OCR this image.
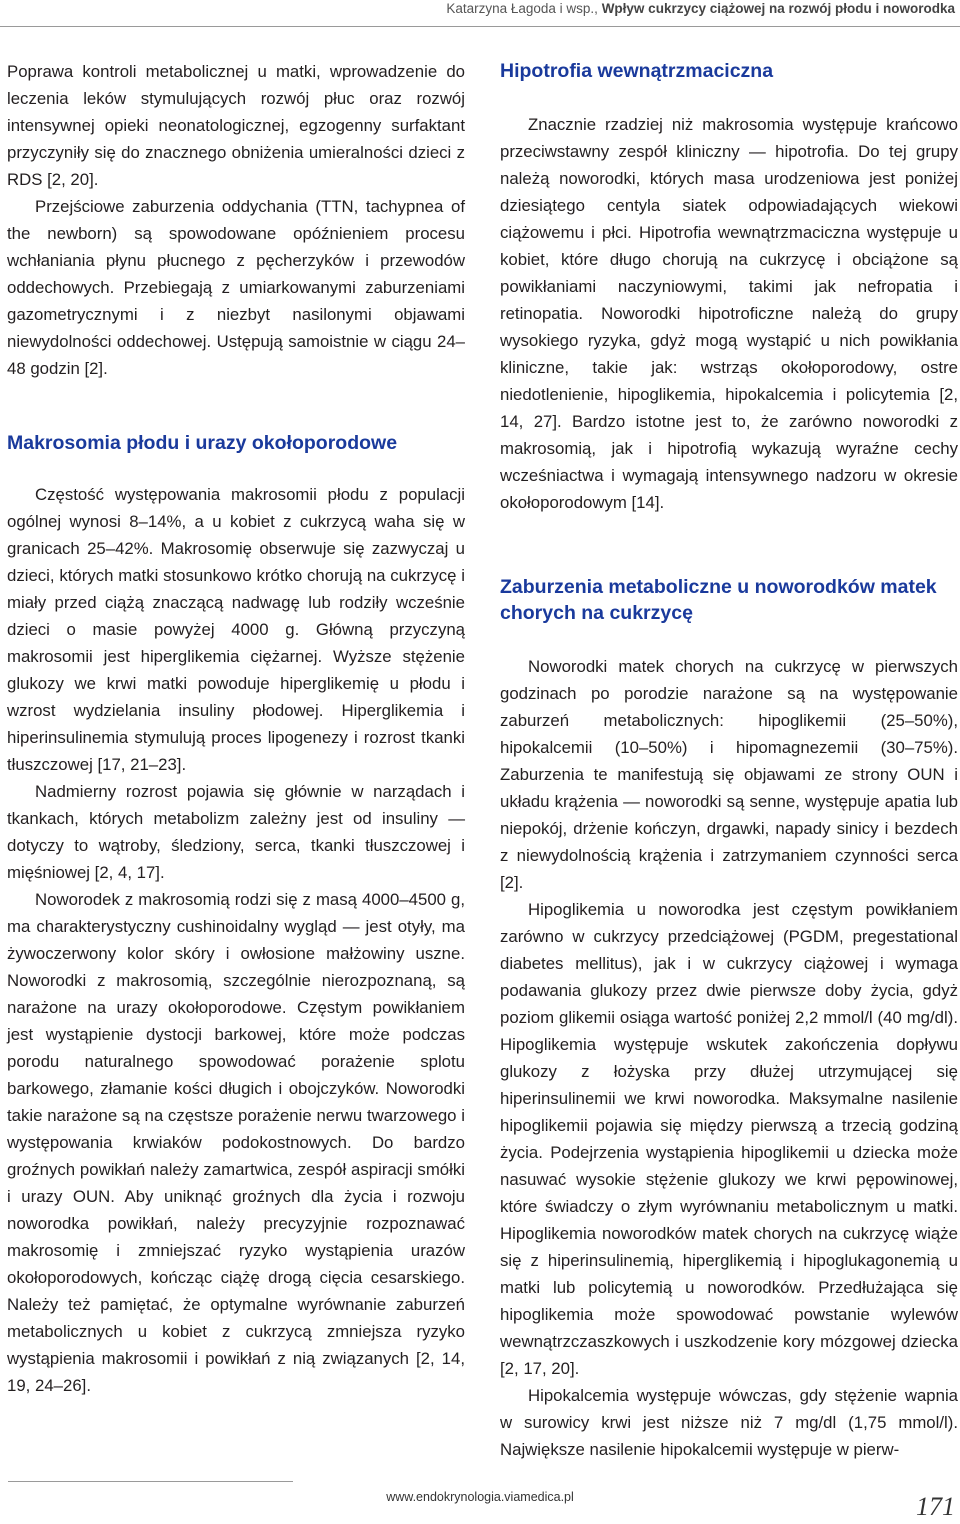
Katarzyna Łagoda i wsp., Wpływ cukrzycy ciążowej na rozwój płodu i noworodka

Poprawa kontroli metabolicznej u matki, wprowadzenie do leczenia leków stymulujących rozwój płuc oraz rozwój intensywnej opieki neonatologicznej, egzogenny surfaktant przyczyniły się do znacznego obniżenia umieralności dzieci z RDS [2, 20].

Przejściowe zaburzenia oddychania (TTN, tachypnea of the newborn) są spowodowane opóźnieniem procesu wchłaniania płynu płucnego z pęcherzyków i przewodów oddechowych. Przebiegają z umiarkowanymi zaburzeniami gazometrycznymi i z niezbyt nasilonymi objawami niewydolności oddechowej. Ustępują samoistnie w ciągu 24–48 godzin [2].

Makrosomia płodu i urazy okołoporodowe

Częstość występowania makrosomii płodu z populacji ogólnej wynosi 8–14%, a u kobiet z cukrzycą waha się w granicach 25–42%. Makrosomię obserwuje się zazwyczaj u dzieci, których matki stosunkowo krótko chorują na cukrzycę i miały przed ciążą znaczącą nadwagę lub rodziły wcześnie dzieci o masie powyżej 4000 g. Główną przyczyną makrosomii jest hiperglikemia ciężarnej. Wyższe stężenie glukozy we krwi matki powoduje hiperglikemię u płodu i wzrost wydzielania insuliny płodowej. Hiperglikemia i hiperinsulinemia stymulują proces lipogenezy i rozrost tkanki tłuszczowej [17, 21–23].

Nadmierny rozrost pojawia się głównie w narządach i tkankach, których metabolizm zależny jest od insuliny — dotyczy to wątroby, śledziony, serca, tkanki tłuszczowej i mięśniowej [2, 4, 17].

Noworodek z makrosomią rodzi się z masą 4000–4500 g, ma charakterystyczny cushinoidalny wygląd — jest otyły, ma żywoczerwony kolor skóry i owłosione małżowiny uszne. Noworodki z makrosomią, szczególnie nierozpoznaną, są narażone na urazy okołoporodowe. Częstym powikłaniem jest wystąpienie dystocji barkowej, które może podczas porodu naturalnego spowodować porażenie splotu barkowego, złamanie kości długich i obojczyków. Noworodki takie narażone są na częstsze porażenie nerwu twarzowego i występowania krwiaków podokostnowych. Do bardzo groźnych powikłań należy zamartwica, zespół aspiracji smółki i urazy OUN. Aby uniknąć groźnych dla życia i rozwoju noworodka powikłań, należy precyzyjnie rozpoznawać makrosomię i zmniejszać ryzyko wystąpienia urazów okołoporodowych, kończąc ciążę drogą cięcia cesarskiego. Należy też pamiętać, że optymalne wyrównanie zaburzeń metabolicznych u kobiet z cukrzycą zmniejsza ryzyko wystąpienia makrosomii i powikłań z nią związanych [2, 14, 19, 24–26].

Hipotrofia wewnątrzmaciczna

Znacznie rzadziej niż makrosomia występuje krańcowo przeciwstawny zespół kliniczny — hipotrofia. Do tej grupy należą noworodki, których masa urodzeniowa jest poniżej dziesiątego centyla siatek odpowiadających wiekowi ciążowemu i płci. Hipotrofia wewnątrzmaciczna występuje u kobiet, które długo chorują na cukrzycę i obciążone są powikłaniami naczyniowymi, takimi jak nefropatia i retinopatia. Noworodki hipotroficzne należą do grupy wysokiego ryzyka, gdyż mogą wystąpić u nich powikłania kliniczne, takie jak: wstrząs okołoporodowy, ostre niedotlenienie, hipoglikemia, hipokalcemia i policytemia [2, 14, 27]. Bardzo istotne jest to, że zarówno noworodki z makrosomią, jak i hipotrofią wykazują wyraźne cechy wcześniactwa i wymagają intensywnego nadzoru w okresie okołoporodowym [14].

Zaburzenia metaboliczne u noworodków matek chorych na cukrzycę

Noworodki matek chorych na cukrzycę w pierwszych godzinach po porodzie narażone są na występowanie zaburzeń metabolicznych: hipoglikemii (25–50%), hipokalcemii (10–50%) i hipomagnezemii (30–75%). Zaburzenia te manifestują się objawami ze strony OUN i układu krążenia — noworodki są senne, występuje apatia lub niepokój, drżenie kończyn, drgawki, napady sinicy i bezdech z niewydolnością krążenia i zatrzymaniem czynności serca [2].

Hipoglikemia u noworodka jest częstym powikłaniem zarówno w cukrzycy przedciążowej (PGDM, pregestational diabetes mellitus), jak i w cukrzycy ciążowej i wymaga podawania glukozy przez dwie pierwsze doby życia, gdyż poziom glikemii osiąga wartość poniżej 2,2 mmol/l (40 mg/dl). Hipoglikemia występuje wskutek zakończenia dopływu glukozy z łożyska przy dłużej utrzymującej się hiperinsulinemii we krwi noworodka. Maksymalne nasilenie hipoglikemii pojawia się między pierwszą a trzecią godziną życia. Podejrzenia wystąpienia hipoglikemii u dziecka może nasuwać wysokie stężenie glukozy we krwi pępowinowej, które świadczy o złym wyrównaniu metabolicznym u matki. Hipoglikemia noworodków matek chorych na cukrzycę wiąże się z hiperinsulinemią, hiperglikemią i hipoglukagonemią u matki lub policytemią u noworodków. Przedłużająca się hipoglikemia może spowodować powstanie wylewów wewnątrzczaszkowych i uszkodzenie kory mózgowej dziecka [2, 17, 20].

Hipokalcemia występuje wówczas, gdy stężenie wapnia w surowicy krwi jest niższe niż 7 mg/dl (1,75 mmol/l). Największe nasilenie hipokalcemii występuje w pierw-

www.endokrynologia.viamedica.pl	171
